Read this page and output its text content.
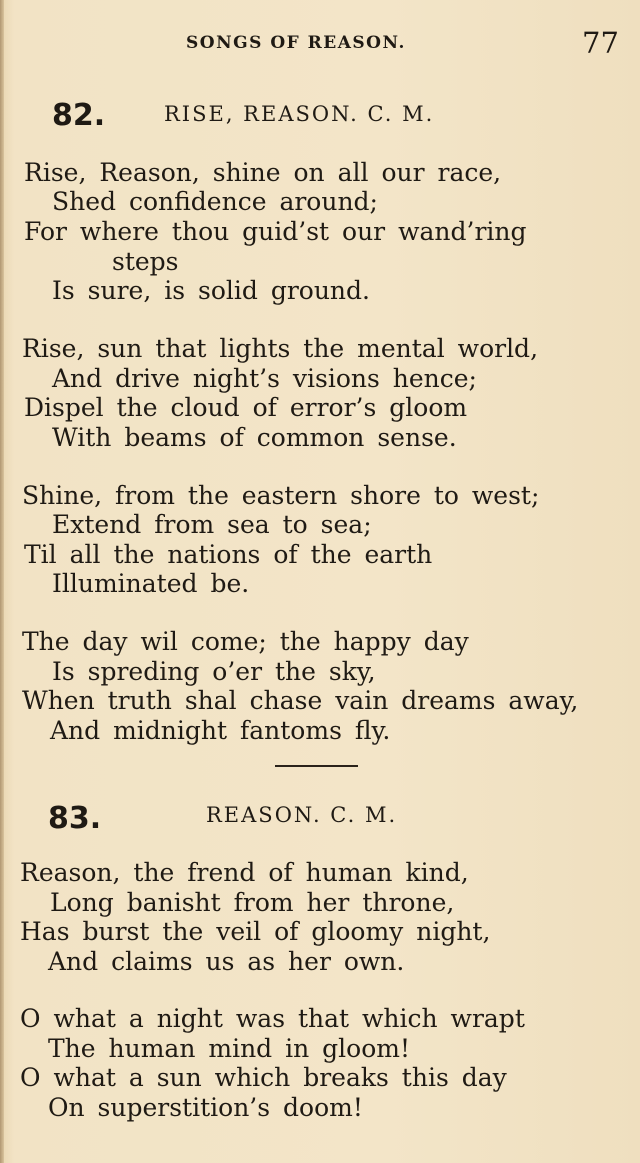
SONGS OF REASON.	77
82.	RISE, REASON. C. M.
Rise, Reason, shine on all our race,
Shed confidence around;
For where thou guid’st our wand’ring
steps
Is sure, is solid ground.
Rise, sun that lights the mental world,
And drive night’s visions hence;
Dispel the cloud of error’s gloom
With beams of common sense.
Shine, from the eastern shore to west;
Extend from sea to sea;
Til all the nations of the earth
Illuminated be.
The day wil come; the happy day
Is spreding o’er the sky,
When truth shal chase vain dreams away,
And midnight fantoms fly.
83.	REASON. C. M.
Reason, the frend of human kind,
Long banisht from her throne,
Has burst the veil of gloomy night,
And claims us as her own.
O what a night was that which wrapt
The human mind in gloom!
O what a sun which breaks this day
On superstition’s doom!
